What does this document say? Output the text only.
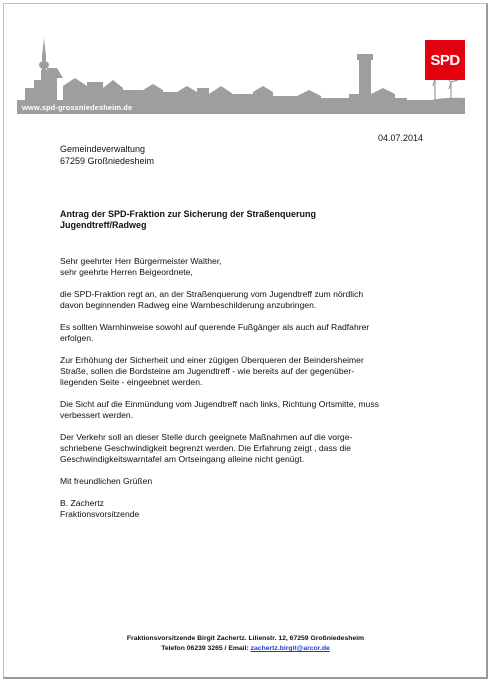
www.spd-grossniedesheim.de
SPD
04.07.2014
Gemeindeverwaltung
67259 Großniedesheim
Antrag der SPD-Fraktion zur Sicherung der Straßenquerung
Jugendtreff/Radweg

Sehr geehrter Herr Bürgermeister Walther,
sehr geehrte Herren Beigeordnete,

die SPD-Fraktion regt an, an der Straßenquerung vom Jugendtreff zum nördlich
davon beginnenden Radweg eine Warnbeschilderung anzubringen.

Es sollten Warnhinweise sowohl auf querende Fußgänger als auch auf Radfahrer
erfolgen.

Zur Erhöhung der Sicherheit und einer zügigen Überqueren der Beindersheimer
Straße, sollen die Bordsteine am Jugendtreff - wie bereits auf der gegenüber-
liegenden Seite - eingeebnet werden.

Die Sicht auf die Einmündung vom Jugendtreff nach links, Richtung Ortsmitte, muss
verbessert werden.

Der Verkehr soll an dieser Stelle durch geeignete Maßnahmen auf die vorge-
schriebene Geschwindigkeit begrenzt werden. Die Erfahrung zeigt , dass die
Geschwindigkeitswarntafel am Ortseingang alleine nicht genügt.

Mit freundlichen Grüßen

B. Zachertz
Fraktionsvorsitzende

Fraktionsvorsitzende Birgit Zachertz. Lilienstr. 12, 67259 Großniedesheim
Telefon 06239 3265 / Email: zachertz.birgit@arcor.de
